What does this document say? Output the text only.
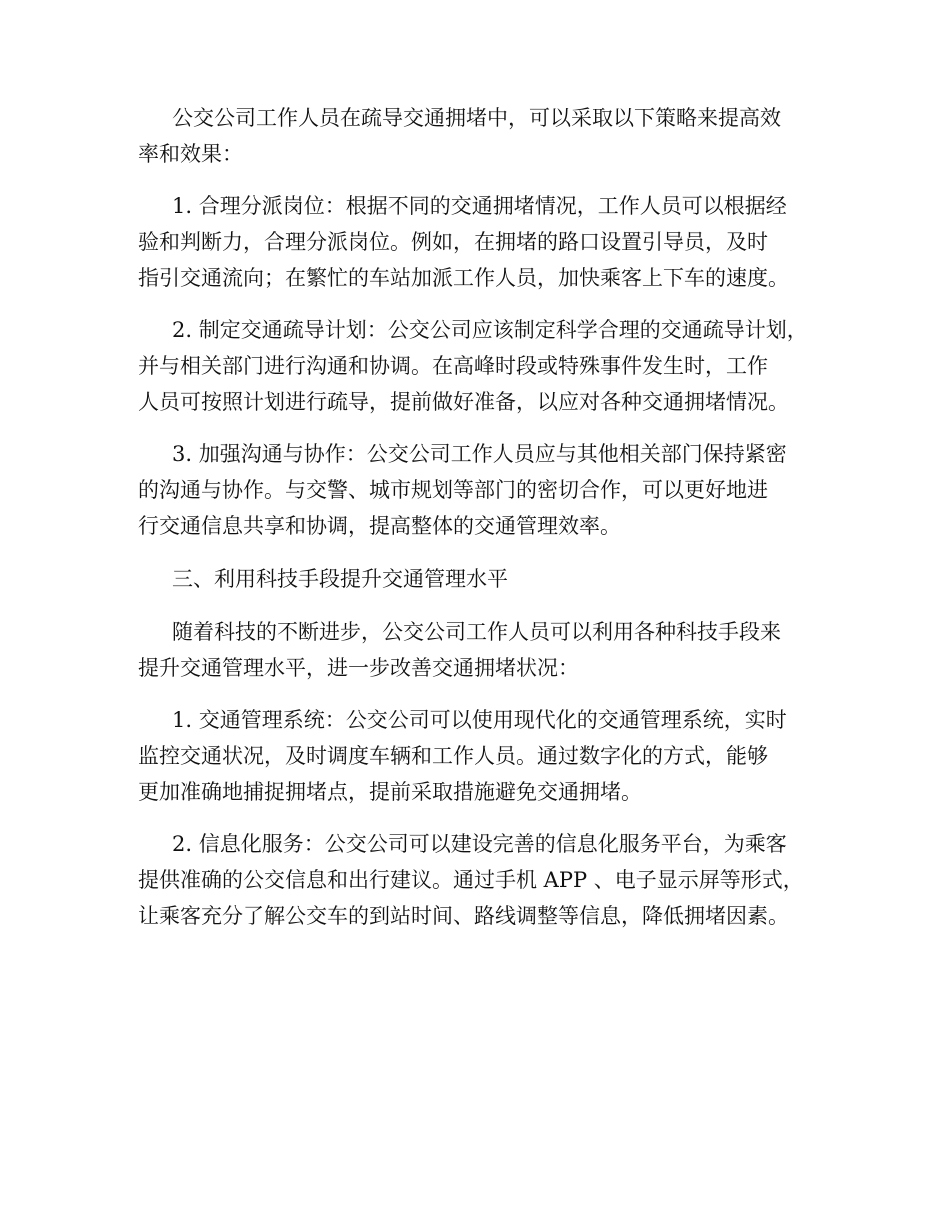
公交公司工作人员在疏导交通拥堵中，可以采取以下策略来提高效
率和效果：
1. 合理分派岗位：根据不同的交通拥堵情况，工作人员可以根据经
验和判断力，合理分派岗位。例如，在拥堵的路口设置引导员，及时
指引交通流向；在繁忙的车站加派工作人员，加快乘客上下车的速度。
2. 制定交通疏导计划：公交公司应该制定科学合理的交通疏导计划，
并与相关部门进行沟通和协调。在高峰时段或特殊事件发生时，工作
人员可按照计划进行疏导，提前做好准备，以应对各种交通拥堵情况。
3. 加强沟通与协作：公交公司工作人员应与其他相关部门保持紧密
的沟通与协作。与交警、城市规划等部门的密切合作，可以更好地进
行交通信息共享和协调，提高整体的交通管理效率。
三、利用科技手段提升交通管理水平
随着科技的不断进步，公交公司工作人员可以利用各种科技手段来
提升交通管理水平，进一步改善交通拥堵状况：
1. 交通管理系统：公交公司可以使用现代化的交通管理系统，实时
监控交通状况，及时调度车辆和工作人员。通过数字化的方式，能够
更加准确地捕捉拥堵点，提前采取措施避免交通拥堵。
2. 信息化服务：公交公司可以建设完善的信息化服务平台，为乘客
提供准确的公交信息和出行建议。通过手机 APP 、电子显示屏等形式，
让乘客充分了解公交车的到站时间、路线调整等信息，降低拥堵因素。
